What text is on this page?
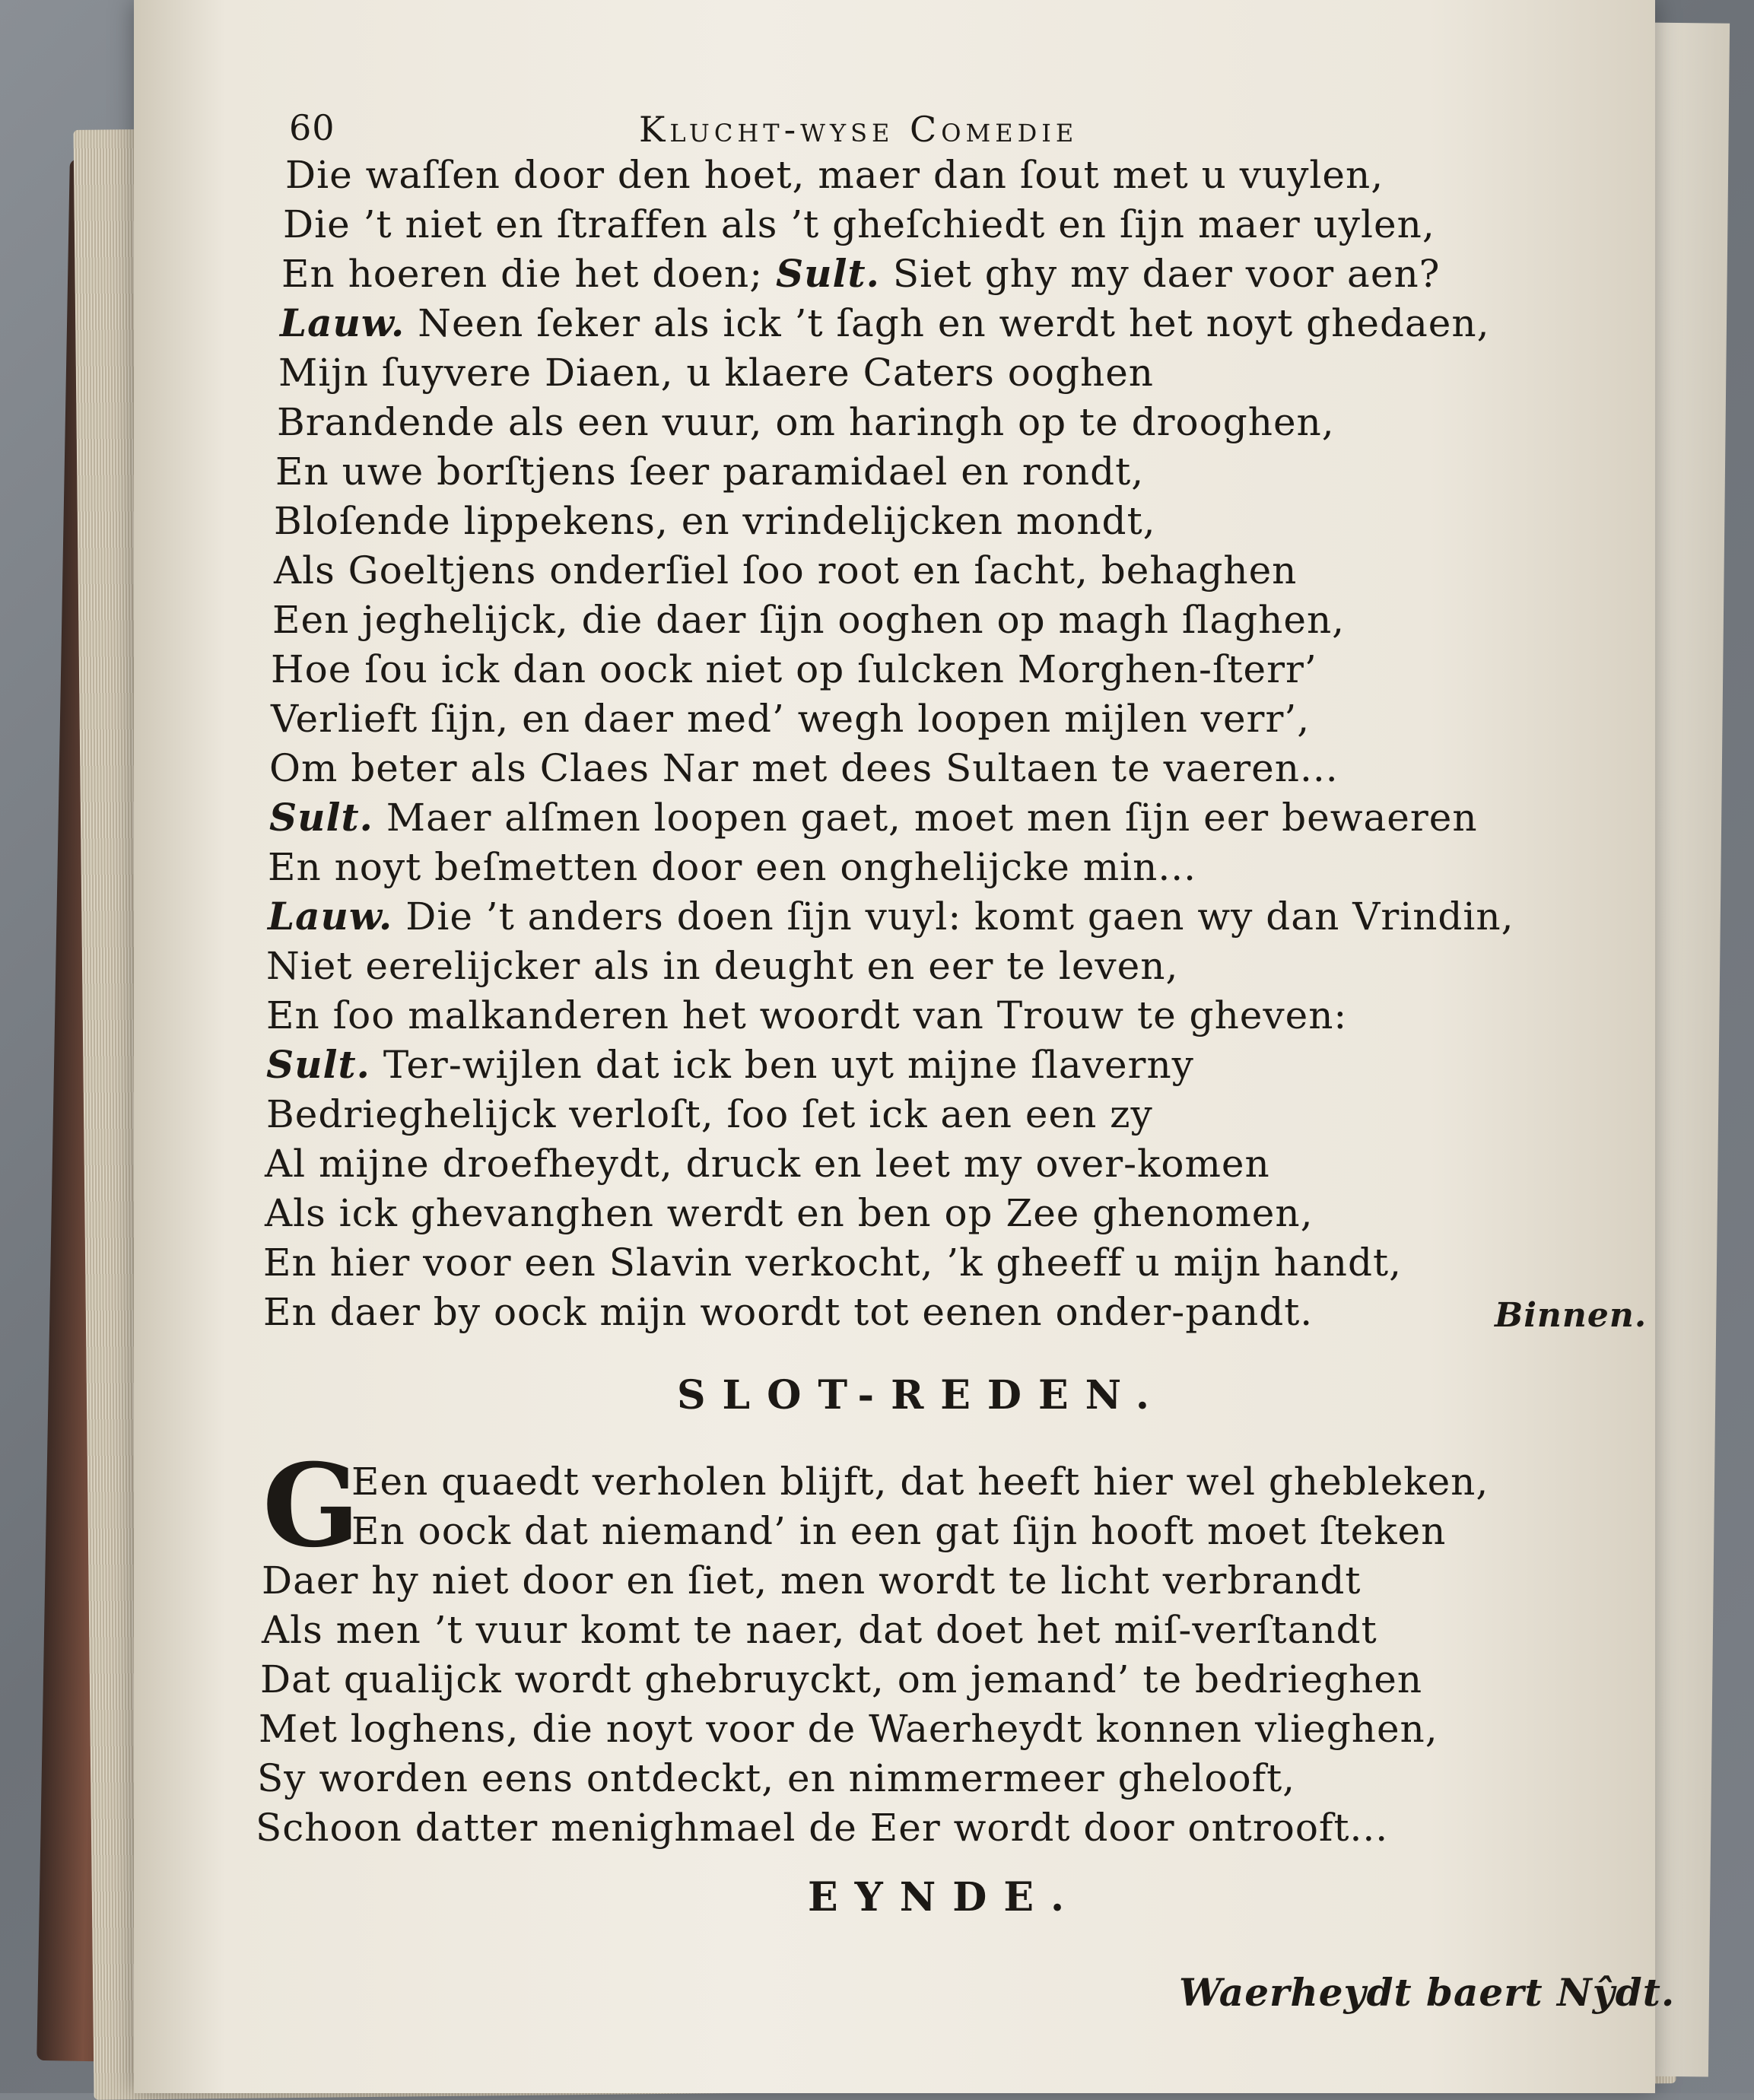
60	Klucht-wyse Comedie
Die waſſen door den hoet, maer dan ſout met u vuylen,
Die ’t niet en ſtraffen als ’t gheſchiedt en ſijn maer uylen,
En hoeren die het doen; Sult. Siet ghy my daer voor aen?
Lauw. Neen ſeker als ick ’t ſagh en werdt het noyt ghedaen,
Mijn ſuyvere Diaen, u klaere Caters ooghen
Brandende als een vuur, om haringh op te drooghen,
En uwe borſtjens ſeer paramidael en rondt,
Bloſende lippekens, en vrindelijcken mondt,
Als Goeltjens onderſiel ſoo root en ſacht, behaghen
Een jeghelijck, die daer ſijn ooghen op magh ſlaghen,
Hoe ſou ick dan oock niet op ſulcken Morghen-ſterr’
Verlieft ſijn, en daer med’ wegh loopen mijlen verr’,
Om beter als Claes Nar met dees Sultaen te vaeren...
Sult. Maer alſmen loopen gaet, moet men ſijn eer bewaeren
En noyt beſmetten door een onghelijcke min...
Lauw. Die ’t anders doen ſijn vuyl: komt gaen wy dan Vrindin,
Niet eerelijcker als in deught en eer te leven,
En ſoo malkanderen het woordt van Trouw te gheven:
Sult. Ter-wijlen dat ick ben uyt mijne ſlaverny
Bedrieghelijck verloſt, ſoo ſet ick aen een zy
Al mijne droefheydt, druck en leet my over-komen
Als ick ghevanghen werdt en ben op Zee ghenomen,
En hier voor een Slavin verkocht, ’k gheeff u mijn handt,
En daer by oock mijn woordt tot eenen onder-pandt.	Binnen.
SLOT-REDEN.
G
Een quaedt verholen blijft, dat heeft hier wel ghebleken,
En oock dat niemand’ in een gat ſijn hooft moet ſteken
Daer hy niet door en ſiet, men wordt te licht verbrandt
Als men ’t vuur komt te naer, dat doet het miſ-verſtandt
Dat qualijck wordt ghebruyckt, om jemand’ te bedrieghen
Met loghens, die noyt voor de Waerheydt konnen vlieghen,
Sy worden eens ontdeckt, en nimmermeer ghelooft,
Schoon datter menighmael de Eer wordt door ontrooft...
EYNDE.
Waerheydt baert Nŷdt.
